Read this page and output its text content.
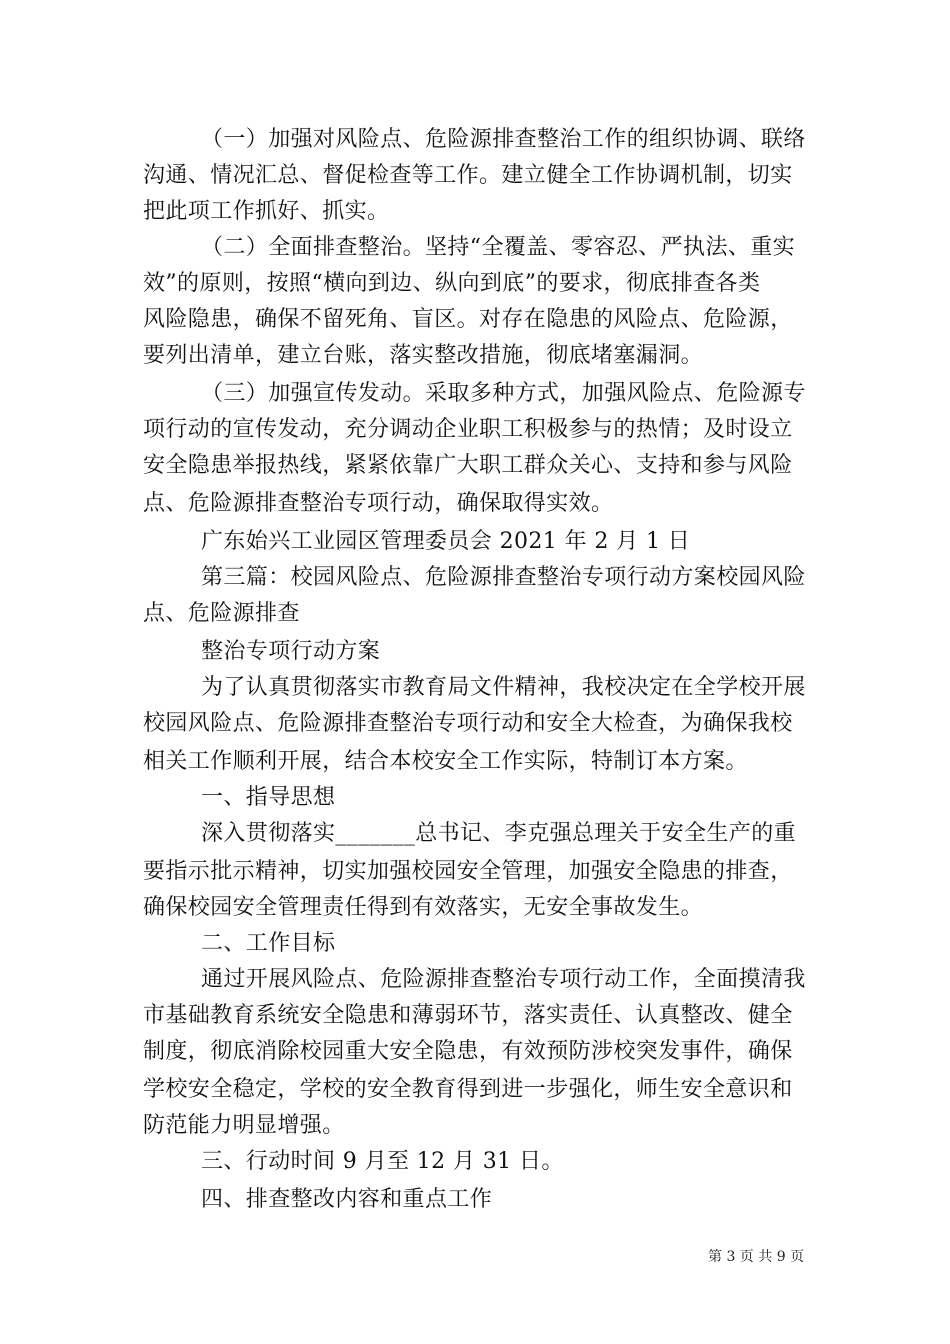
（一）加强对风险点、危险源排查整治工作的组织协调、联络
沟通、情况汇总、督促检查等工作。建立健全工作协调机制，切实
把此项工作抓好、抓实。
（二）全面排查整治。坚持“全覆盖、零容忍、严执法、重实
效”的原则，按照“横向到边、纵向到底”的要求，彻底排查各类
风险隐患，确保不留死角、盲区。对存在隐患的风险点、危险源，
要列出清单，建立台账，落实整改措施，彻底堵塞漏洞。
（三）加强宣传发动。采取多种方式，加强风险点、危险源专
项行动的宣传发动，充分调动企业职工积极参与的热情；及时设立
安全隐患举报热线，紧紧依靠广大职工群众关心、支持和参与风险
点、危险源排查整治专项行动，确保取得实效。
广东始兴工业园区管理委员会 2021 年 2 月 1 日
第三篇：校园风险点、危险源排查整治专项行动方案校园风险
点、危险源排查
整治专项行动方案
为了认真贯彻落实市教育局文件精神，我校决定在全学校开展
校园风险点、危险源排查整治专项行动和安全大检查，为确保我校
相关工作顺利开展，结合本校安全工作实际，特制订本方案。
一、指导思想
深入贯彻落实_______总书记、李克强总理关于安全生产的重
要指示批示精神，切实加强校园安全管理，加强安全隐患的排查，
确保校园安全管理责任得到有效落实，无安全事故发生。
二、工作目标
通过开展风险点、危险源排查整治专项行动工作，全面摸清我
市基础教育系统安全隐患和薄弱环节，落实责任、认真整改、健全
制度，彻底消除校园重大安全隐患，有效预防涉校突发事件，确保
学校安全稳定，学校的安全教育得到进一步强化，师生安全意识和
防范能力明显增强。
三、行动时间 9 月至 12 月 31 日。
四、排查整改内容和重点工作
第 3 页 共 9 页
